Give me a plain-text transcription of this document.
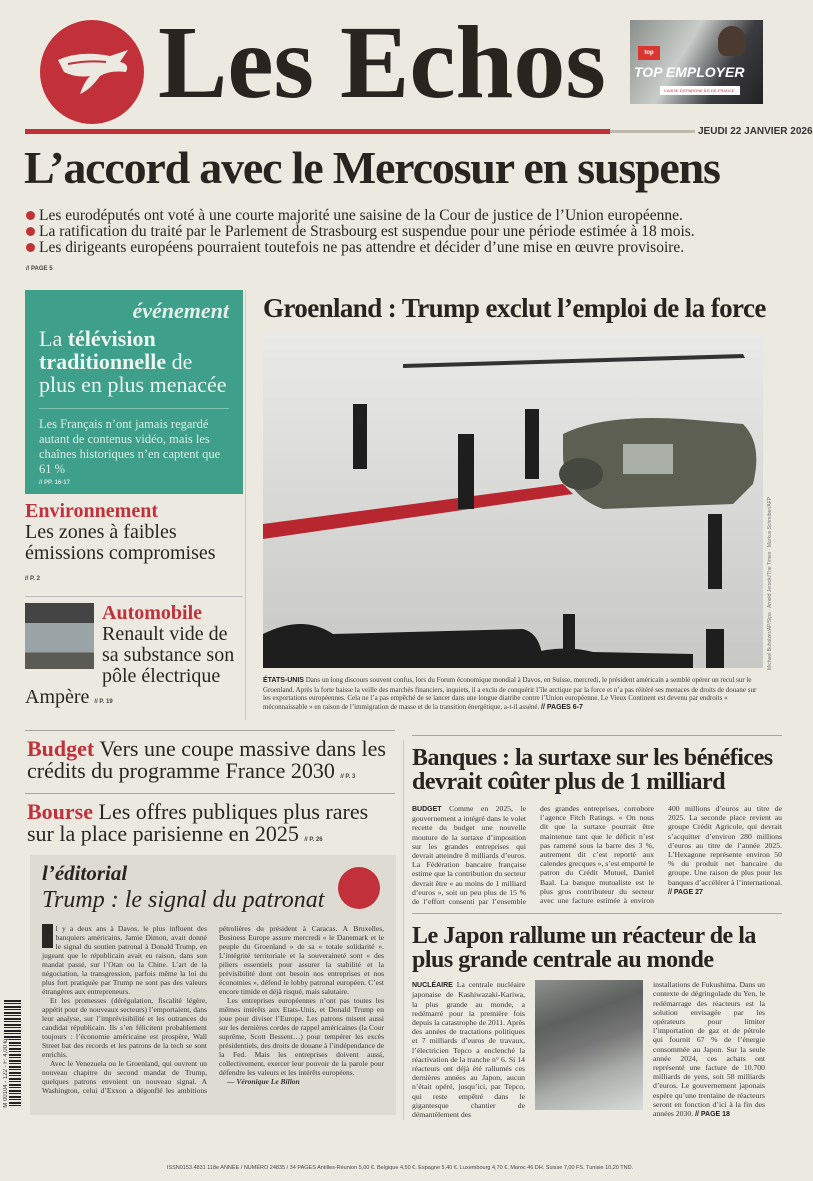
Les Echos	top
TOP EMPLOYER
CAISSE D'EPARGNE ÎLE-DE-FRANCE
JEUDI 22 JANVIER 2026
L’accord avec le Mercosur en suspens
Les eurodéputés ont voté à une courte majorité une saisine de la Cour de justice de l’Union européenne.
La ratification du traité par le Parlement de Strasbourg est suspendue pour une période estimée à 18 mois.
Les dirigeants européens pourraient toutefois ne pas attendre et décider d’une mise en œuvre provisoire.
// PAGE 5
événement
La télévision traditionnelle de plus en plus menacée
Les Français n’ont jamais regardé autant de contenus vidéo, mais les chaînes historiques n’en captent que 61 %
// PP. 16-17
Environnement
Les zones à faibles émissions compromises
// P. 2
Automobile
Renault vide de sa substance son pôle électrique Ampère // P. 19
Groenland : Trump exclut l’emploi de la force
Michael Buholzer/AP/Sipa · Arnold Jerocki/The Times · Markus Schreiber/AFP
ÉTATS-UNIS Dans un long discours souvent confus, lors du Forum économique mondial à Davos, en Suisse, mercredi, le président américain a semblé opérer un recul sur le Groenland. Après la forte baisse la veille des marchés financiers, inquiets, il a exclu de conquérir l’île arctique par la force et n’a pas réitéré ses menaces de droits de douane sur les exportations européennes. Cela ne l’a pas empêché de se lancer dans une longue diatribe contre l’Union européenne. Le Vieux Continent est devenu par endroits « méconnaissable » en raison de l’immigration de masse et de la transition énergétique, a-t-il asséné. // PAGES 6-7
Budget Vers une coupe massive dans les crédits du programme France 2030 // P. 3
Bourse Les offres publiques plus rares sur la place parisienne en 2025 // P. 26
l’éditorial
Trump : le signal du patronat

Il y a deux ans à Davos, le plus influent des banquiers américains, Jamie Dimon, avait donné le signal du soutien patronal à Donald Trump, en jugeant que le républicain avait eu raison, dans son mandat passé, sur l’Otan ou la Chine. L’art de la négociation, la transgression, parfois même la loi du plus fort pratiquée par Trump ne sont pas des valeurs étrangères aux entrepreneurs.

Et les promesses (dérégulation, fiscalité légère, appétit pour de nouveaux secteurs) l’emportaient, dans leur analyse, sur l’imprévisibilité et les outrances du candidat républicain. Ils s’en félicitent probablement toujours : l’économie américaine est prospère, Wall Street bat des records et les patrons de la tech se sont enrichis.

Avec le Venezuela ou le Groenland, qui ouvrent un nouveau chapitre du second mandat de Trump, quelques patrons envoient un nouveau signal. A Washington, celui d’Exxon a dégonflé les ambitions pétrolières du président à Caracas. A Bruxelles, Business Europe assure mercredi « le Danemark et le peuple du Groenland » de sa « totale solidarité ». L’intégrité territoriale et la souveraineté sont « des piliers essentiels pour assurer la stabilité et la prévisibilité dont ont besoin nos entreprises et nos économies », défend le lobby patronal européen. C’est encore timide et déjà risqué, mais salutaire.

Les entreprises européennes n’ont pas toutes les mêmes intérêts aux Etats-Unis, et Donald Trump en joue pour diviser l’Europe. Les patrons misent aussi sur les dernières cordes de rappel américaines (la Cour suprême, Scott Bessent…) pour tempérer les excès présidentiels, des droits de douane à l’indépendance de la Fed. Mais les entreprises doivent aussi, collectivement, exercer leur pouvoir de la parole pour défendre les valeurs et les intérêts européens.

— Véronique Le Billon

Banques : la surtaxe sur les bénéfices devrait coûter plus de 1 milliard
BUDGET Comme en 2025, le gouvernement a intégré dans le volet recette du budget une nouvelle mouture de la surtaxe d’imposition sur les grandes entreprises qui devrait atteindre 8 milliards d’euros. La Fédération bancaire française estime que la contribution du secteur devrait être « au moins de 1 milliard d’euros », soit un peu plus de 15 % de l’effort consenti par l’ensemble des grandes entreprises, corrobore l’agence Fitch Ratings. « On nous dit que la surtaxe pourrait être maintenue tant que le déficit n’est pas ramené sous la barre des 3 %, autrement dit c’est reporté aux calendes grecques », s’est emporté le patron du Crédit Mutuel, Daniel Baal. La banque mutualiste est le plus gros contributeur du secteur avec une facture estimée à environ 400 millions d’euros au titre de 2025. La seconde place revient au groupe Crédit Agricole, qui devrait s’acquitter d’environ 280 millions d’euros au titre de l’année 2025. L’Hexagone représente environ 50 % du produit net bancaire du groupe. Une raison de plus pour les banques d’accélérer à l’international. // PAGE 27
Le Japon rallume un réacteur de la plus grande centrale au monde
NUCLÉAIRE La centrale nucléaire japonaise de Kashiwazaki-Kariwa, la plus grande au monde, a redémarré pour la première fois depuis la catastrophe de 2011. Après des années de tractations politiques et 7 milliards d’euros de travaux, l’électricien Tepco a enclenché la réactivation de la tranche n° 6. Si 14 réacteurs ont déjà été rallumés ces dernières années au Japon, aucun n’était opéré, jusqu’ici, par Tepco, qui reste empêtré dans le gigantesque chantier de démantèlement des
installations de Fukushima. Dans un contexte de dégringolade du Yen, le redémarrage des réacteurs est la solution envisagée par les opérateurs pour limiter l’importation de gaz et de pétrole qui fournit 67 % de l’énergie consommée au Japon. Sur la seule année 2024, ces achats ont représenté une facture de 10.700 milliards de yens, soit 58 milliards d’euros. Le gouvernement japonais espère qu’une trentaine de réacteurs seront en fonction d’ici à la fin des années 2030. // PAGE 18
M 00104 - 122 - F: 4,00 €
ISSN0153.4831 118e ANNÉE / NUMÉRO 24835 / 34 PAGES Antilles-Réunion 5,00 €. Belgique 4,50 €. Espagne 5,40 €. Luxembourg 4,70 €. Maroc 46 DH. Suisse 7,00 FS. Tunisie 10,20 TND.
